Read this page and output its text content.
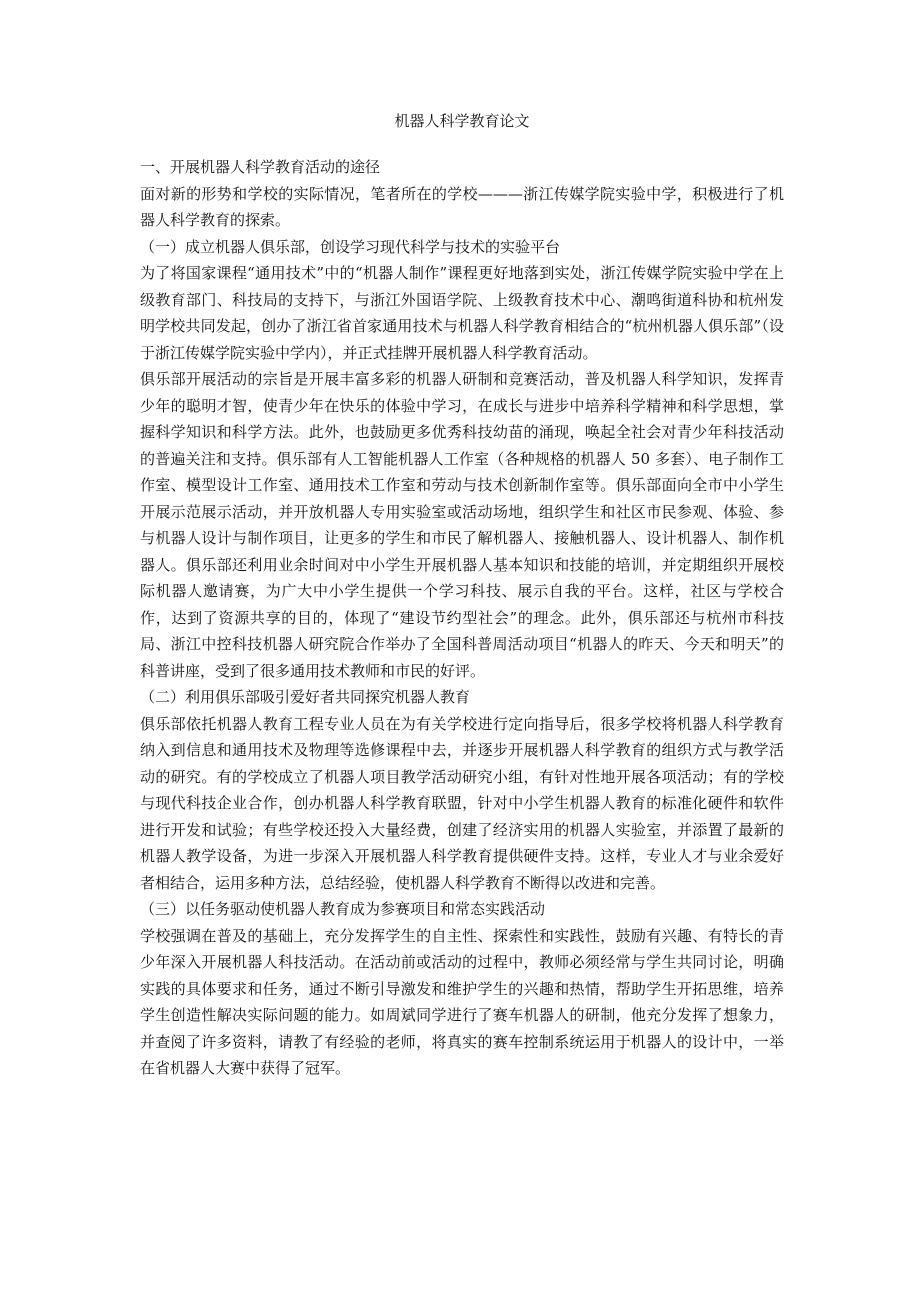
机器人科学教育论文

一、开展机器人科学教育活动的途径

面对新的形势和学校的实际情况，笔者所在的学校———浙江传媒学院实验中学，积极进行了机器人科学教育的探索。

（一）成立机器人俱乐部，创设学习现代科学与技术的实验平台

为了将国家课程“通用技术”中的“机器人制作”课程更好地落到实处，浙江传媒学院实验中学在上级教育部门、科技局的支持下，与浙江外国语学院、上级教育技术中心、潮鸣街道科协和杭州发明学校共同发起，创办了浙江省首家通用技术与机器人科学教育相结合的“杭州机器人俱乐部”（设于浙江传媒学院实验中学内），并正式挂牌开展机器人科学教育活动。

俱乐部开展活动的宗旨是开展丰富多彩的机器人研制和竞赛活动，普及机器人科学知识，发挥青少年的聪明才智，使青少年在快乐的体验中学习，在成长与进步中培养科学精神和科学思想，掌握科学知识和科学方法。此外，也鼓励更多优秀科技幼苗的涌现，唤起全社会对青少年科技活动的普遍关注和支持。俱乐部有人工智能机器人工作室（各种规格的机器人 50 多套）、电子制作工作室、模型设计工作室、通用技术工作室和劳动与技术创新制作室等。俱乐部面向全市中小学生开展示范展示活动，并开放机器人专用实验室或活动场地，组织学生和社区市民参观、体验、参与机器人设计与制作项目，让更多的学生和市民了解机器人、接触机器人、设计机器人、制作机器人。俱乐部还利用业余时间对中小学生开展机器人基本知识和技能的培训，并定期组织开展校际机器人邀请赛，为广大中小学生提供一个学习科技、展示自我的平台。这样，社区与学校合作，达到了资源共享的目的，体现了“建设节约型社会”的理念。此外，俱乐部还与杭州市科技局、浙江中控科技机器人研究院合作举办了全国科普周活动项目“机器人的昨天、今天和明天”的科普讲座，受到了很多通用技术教师和市民的好评。

（二）利用俱乐部吸引爱好者共同探究机器人教育

俱乐部依托机器人教育工程专业人员在为有关学校进行定向指导后，很多学校将机器人科学教育纳入到信息和通用技术及物理等选修课程中去，并逐步开展机器人科学教育的组织方式与教学活动的研究。有的学校成立了机器人项目教学活动研究小组，有针对性地开展各项活动；有的学校与现代科技企业合作，创办机器人科学教育联盟，针对中小学生机器人教育的标准化硬件和软件进行开发和试验；有些学校还投入大量经费，创建了经济实用的机器人实验室，并添置了最新的机器人教学设备，为进一步深入开展机器人科学教育提供硬件支持。这样，专业人才与业余爱好者相结合，运用多种方法，总结经验，使机器人科学教育不断得以改进和完善。

（三）以任务驱动使机器人教育成为参赛项目和常态实践活动

学校强调在普及的基础上，充分发挥学生的自主性、探索性和实践性，鼓励有兴趣、有特长的青少年深入开展机器人科技活动。在活动前或活动的过程中，教师必须经常与学生共同讨论，明确实践的具体要求和任务，通过不断引导激发和维护学生的兴趣和热情，帮助学生开拓思维，培养学生创造性解决实际问题的能力。如周斌同学进行了赛车机器人的研制，他充分发挥了想象力，并查阅了许多资料，请教了有经验的老师，将真实的赛车控制系统运用于机器人的设计中，一举在省机器人大赛中获得了冠军。
